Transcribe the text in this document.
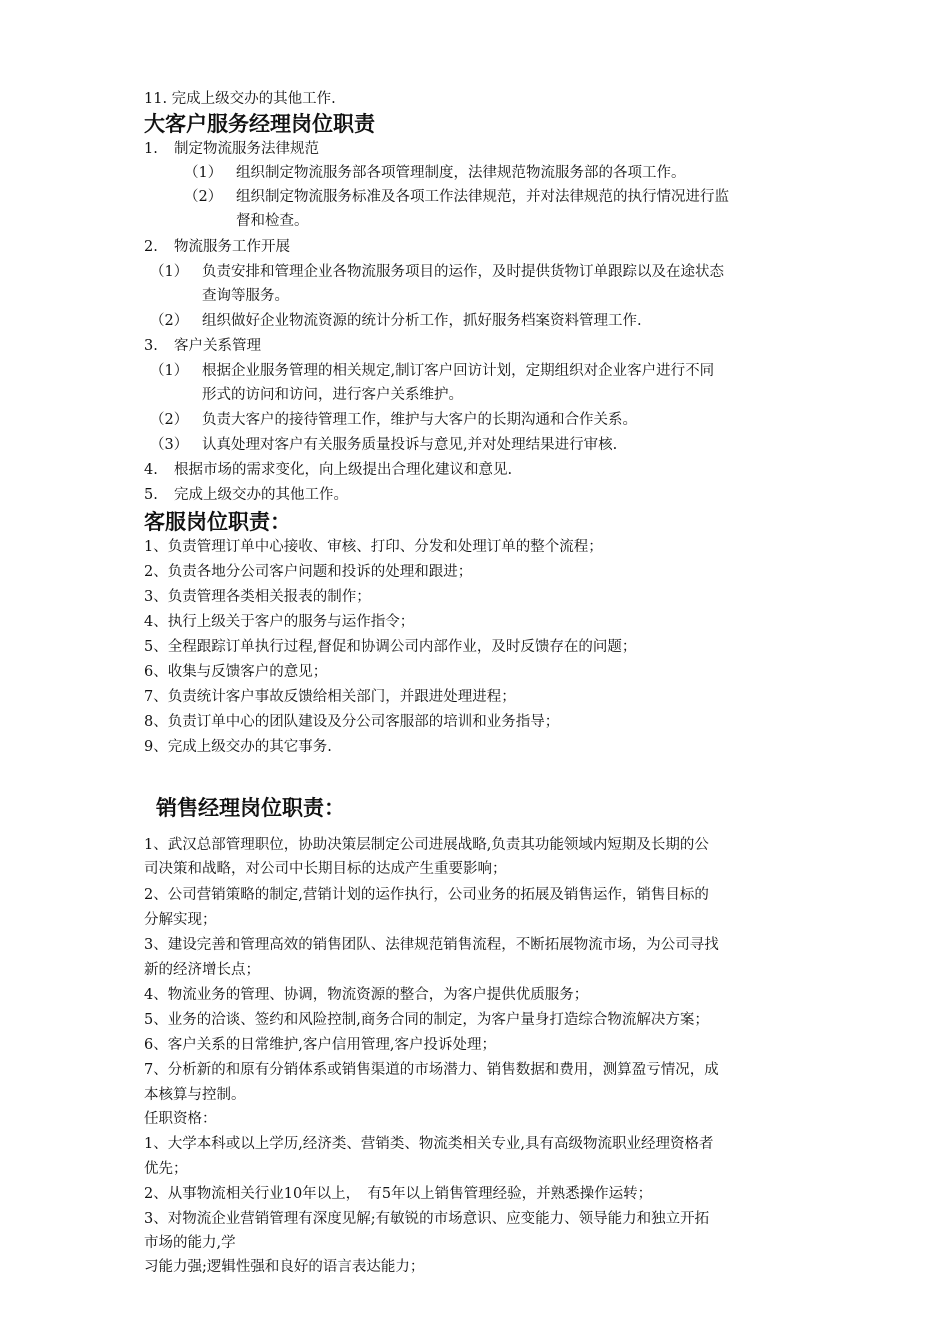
11. 完成上级交办的其他工作.
大客户服务经理岗位职责
1. 制定物流服务法律规范
（1） 组织制定物流服务部各项管理制度，法律规范物流服务部的各项工作。
（2） 组织制定物流服务标准及各项工作法律规范，并对法律规范的执行情况进行监
督和检查。
2. 物流服务工作开展
（1） 负责安排和管理企业各物流服务项目的运作，及时提供货物订单跟踪以及在途状态
查询等服务。
（2） 组织做好企业物流资源的统计分析工作，抓好服务档案资料管理工作.
3. 客户关系管理
（1） 根据企业服务管理的相关规定,制订客户回访计划，定期组织对企业客户进行不同
形式的访问和访问，进行客户关系维护。
（2） 负责大客户的接待管理工作，维护与大客户的长期沟通和合作关系。
（3） 认真处理对客户有关服务质量投诉与意见,并对处理结果进行审核.
4. 根据市场的需求变化，向上级提出合理化建议和意见.
5. 完成上级交办的其他工作。
客服岗位职责：
1、负责管理订单中心接收、审核、打印、分发和处理订单的整个流程；
2、负责各地分公司客户问题和投诉的处理和跟进；
3、负责管理各类相关报表的制作；
4、执行上级关于客户的服务与运作指令；
5、全程跟踪订单执行过程,督促和协调公司内部作业，及时反馈存在的问题；
6、收集与反馈客户的意见；
7、负责统计客户事故反馈给相关部门，并跟进处理进程；
8、负责订单中心的团队建设及分公司客服部的培训和业务指导；
9、完成上级交办的其它事务.
销售经理岗位职责：
1、武汉总部管理职位，协助决策层制定公司进展战略,负责其功能领域内短期及长期的公
司决策和战略，对公司中长期目标的达成产生重要影响；
2、公司营销策略的制定,营销计划的运作执行，公司业务的拓展及销售运作，销售目标的
分解实现；
3、建设完善和管理高效的销售团队、法律规范销售流程，不断拓展物流市场，为公司寻找
新的经济增长点；
4、物流业务的管理、协调，物流资源的整合，为客户提供优质服务；
5、业务的洽谈、签约和风险控制,商务合同的制定，为客户量身打造综合物流解决方案；
6、客户关系的日常维护,客户信用管理,客户投诉处理；
7、分析新的和原有分销体系或销售渠道的市场潜力、销售数据和费用，测算盈亏情况，成
本核算与控制。
任职资格：
1、大学本科或以上学历,经济类、营销类、物流类相关专业,具有高级物流职业经理资格者
优先；
2、从事物流相关行业10年以上，　有5年以上销售管理经验，并熟悉操作运转；
3、对物流企业营销管理有深度见解;有敏锐的市场意识、应变能力、领导能力和独立开拓
市场的能力,学
习能力强;逻辑性强和良好的语言表达能力；
